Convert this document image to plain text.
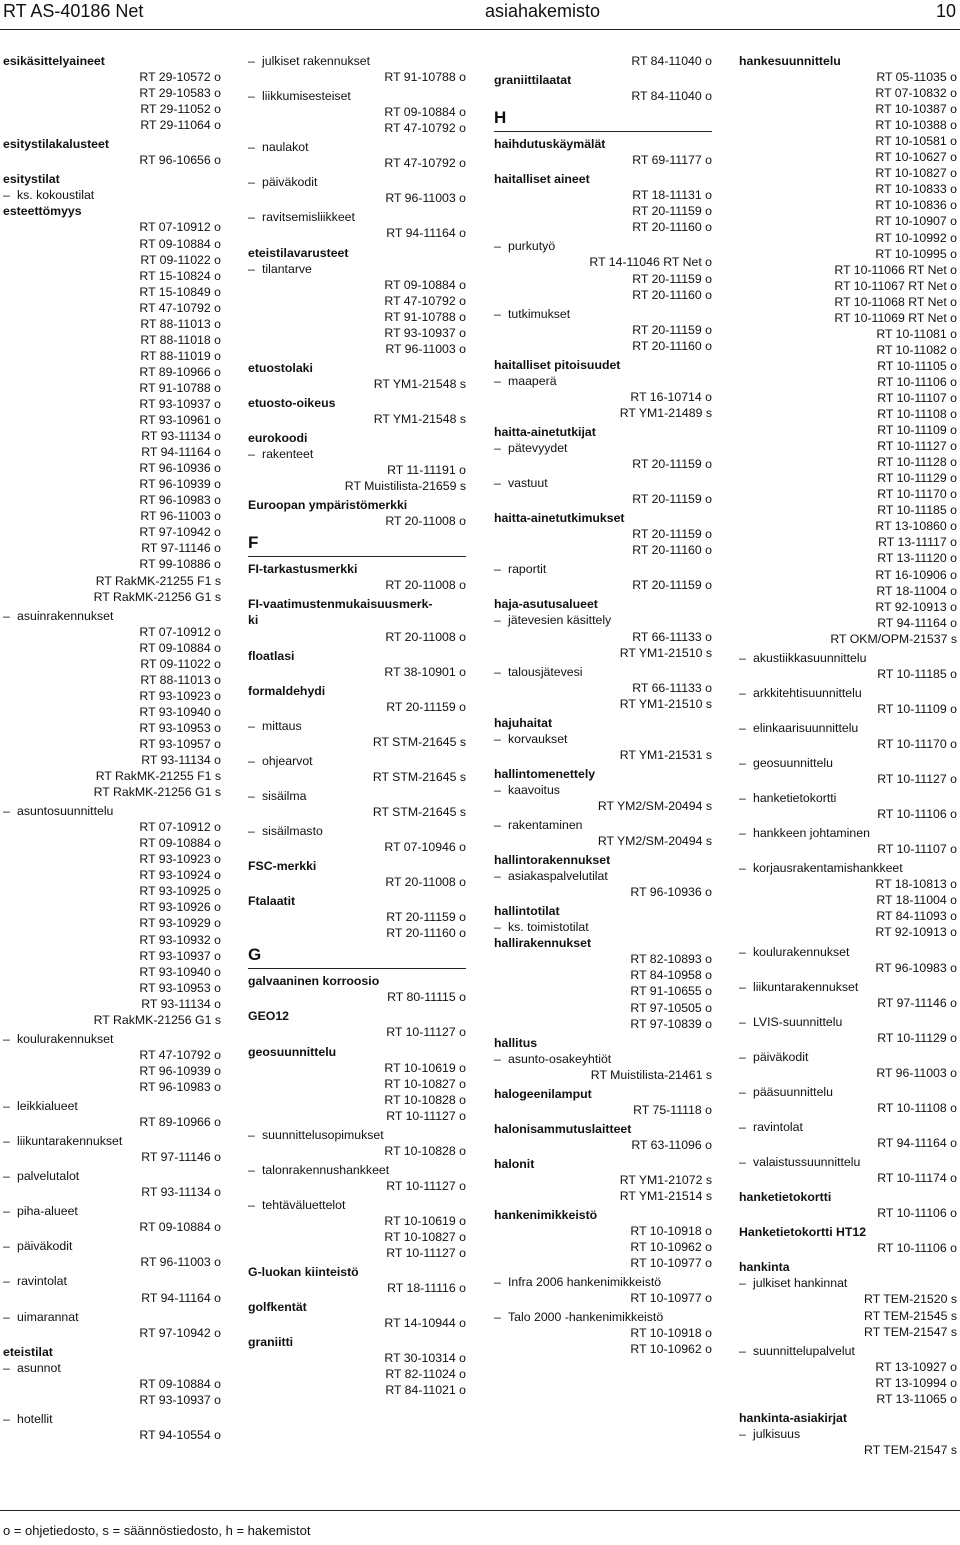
RT AS-40186 Net	asiahakemisto	10
esikäsittelyaineet
RT 29-10572 o
RT 29-10583 o
RT 29-11052 o
RT 29-11064 o
esitystilakalusteet
RT 96-10656 o
esitystilat
– ks. kokoustilat
esteettömyys
RT 07-10912 o
RT 09-10884 o
RT 09-11022 o
RT 15-10824 o
RT 15-10849 o
RT 47-10792 o
RT 88-11013 o
RT 88-11018 o
RT 88-11019 o
RT 89-10966 o
RT 91-10788 o
RT 93-10937 o
RT 93-10961 o
RT 93-11134 o
RT 94-11164 o
RT 96-10936 o
RT 96-10939 o
RT 96-10983 o
RT 96-11003 o
RT 97-10942 o
RT 97-11146 o
RT 99-10886 o
RT RakMK-21255 F1 s
RT RakMK-21256 G1 s
– asuinrakennukset
RT 07-10912 o
RT 09-10884 o
RT 09-11022 o
RT 88-11013 o
RT 93-10923 o
RT 93-10940 o
RT 93-10953 o
RT 93-10957 o
RT 93-11134 o
RT RakMK-21255 F1 s
RT RakMK-21256 G1 s
– asuntosuunnittelu
RT 07-10912 o
RT 09-10884 o
RT 93-10923 o
RT 93-10924 o
RT 93-10925 o
RT 93-10926 o
RT 93-10929 o
RT 93-10932 o
RT 93-10937 o
RT 93-10940 o
RT 93-10953 o
RT 93-11134 o
RT RakMK-21256 G1 s
– koulurakennukset
RT 47-10792 o
RT 96-10939 o
RT 96-10983 o
– leikkialueet
RT 89-10966 o
– liikuntarakennukset
RT 97-11146 o
– palvelutalot
RT 93-11134 o
– piha-alueet
RT 09-10884 o
– päiväkodit
RT 96-11003 o
– ravintolat
RT 94-11164 o
– uimarannat
RT 97-10942 o
eteistilat
– asunnot
RT 09-10884 o
RT 93-10937 o
– hotellit
RT 94-10554 o
– julkiset rakennukset
RT 91-10788 o
– liikkumisesteiset
RT 09-10884 o
RT 47-10792 o
– naulakot
RT 47-10792 o
– päiväkodit
RT 96-11003 o
– ravitsemisliikkeet
RT 94-11164 o
eteistilavarusteet
– tilantarve
RT 09-10884 o
RT 47-10792 o
RT 91-10788 o
RT 93-10937 o
RT 96-11003 o
etuostolaki
RT YM1-21548 s
etuosto-oikeus
RT YM1-21548 s
eurokoodi
– rakenteet
RT 11-11191 o
RT Muistilista-21659 s
Euroopan ympäristömerkki
RT 20-11008 o
F
FI-tarkastusmerkki
RT 20-11008 o
FI-vaatimustenmukaisuusmerk-
ki
RT 20-11008 o
floatlasi
RT 38-10901 o
formaldehydi
RT 20-11159 o
– mittaus
RT STM-21645 s
– ohjearvot
RT STM-21645 s
– sisäilma
RT STM-21645 s
– sisäilmasto
RT 07-10946 o
FSC-merkki
RT 20-11008 o
Ftalaatit
RT 20-11159 o
RT 20-11160 o
G
galvaaninen korroosio
RT 80-11115 o
GEO12
RT 10-11127 o
geosuunnittelu
RT 10-10619 o
RT 10-10827 o
RT 10-10828 o
RT 10-11127 o
– suunnittelusopimukset
RT 10-10828 o
– talonrakennushankkeet
RT 10-11127 o
– tehtäväluettelot
RT 10-10619 o
RT 10-10827 o
RT 10-11127 o
G-luokan kiinteistö
RT 18-11116 o
golfkentät
RT 14-10944 o
graniitti
RT 30-10314 o
RT 82-11024 o
RT 84-11021 o
RT 84-11040 o
graniittilaatat
RT 84-11040 o
H
haihdutuskäymälät
RT 69-11177 o
haitalliset aineet
RT 18-11131 o
RT 20-11159 o
RT 20-11160 o
– purkutyö
RT 14-11046 RT Net o
RT 20-11159 o
RT 20-11160 o
– tutkimukset
RT 20-11159 o
RT 20-11160 o
haitalliset pitoisuudet
– maaperä
RT 16-10714 o
RT YM1-21489 s
haitta-ainetutkijat
– pätevyydet
RT 20-11159 o
– vastuut
RT 20-11159 o
haitta-ainetutkimukset
RT 20-11159 o
RT 20-11160 o
– raportit
RT 20-11159 o
haja-asutusalueet
– jätevesien käsittely
RT 66-11133 o
RT YM1-21510 s
– talousjätevesi
RT 66-11133 o
RT YM1-21510 s
hajuhaitat
– korvaukset
RT YM1-21531 s
hallintomenettely
– kaavoitus
RT YM2/SM-20494 s
– rakentaminen
RT YM2/SM-20494 s
hallintorakennukset
– asiakaspalvelutilat
RT 96-10936 o
hallintotilat
– ks. toimistotilat
hallirakennukset
RT 82-10893 o
RT 84-10958 o
RT 91-10655 o
RT 97-10505 o
RT 97-10839 o
hallitus
– asunto-osakeyhtiöt
RT Muistilista-21461 s
halogeenilamput
RT 75-11118 o
halonisammutuslaitteet
RT 63-11096 o
halonit
RT YM1-21072 s
RT YM1-21514 s
hankenimikkeistö
RT 10-10918 o
RT 10-10962 o
RT 10-10977 o
– Infra 2006 hankenimikkeistö
RT 10-10977 o
– Talo 2000 -hankenimikkeistö
RT 10-10918 o
RT 10-10962 o
hankesuunnittelu
RT 05-11035 o
RT 07-10832 o
RT 10-10387 o
RT 10-10388 o
RT 10-10581 o
RT 10-10627 o
RT 10-10827 o
RT 10-10833 o
RT 10-10836 o
RT 10-10907 o
RT 10-10992 o
RT 10-10995 o
RT 10-11066 RT Net o
RT 10-11067 RT Net o
RT 10-11068 RT Net o
RT 10-11069 RT Net o
RT 10-11081 o
RT 10-11082 o
RT 10-11105 o
RT 10-11106 o
RT 10-11107 o
RT 10-11108 o
RT 10-11109 o
RT 10-11127 o
RT 10-11128 o
RT 10-11129 o
RT 10-11170 o
RT 10-11185 o
RT 13-10860 o
RT 13-11117 o
RT 13-11120 o
RT 16-10906 o
RT 18-11004 o
RT 92-10913 o
RT 94-11164 o
RT OKM/OPM-21537 s
– akustiikkasuunnittelu
RT 10-11185 o
– arkkitehtisuunnittelu
RT 10-11109 o
– elinkaarisuunnittelu
RT 10-11170 o
– geosuunnittelu
RT 10-11127 o
– hanketietokortti
RT 10-11106 o
– hankkeen johtaminen
RT 10-11107 o
– korjausrakentamishankkeet
RT 18-10813 o
RT 18-11004 o
RT 84-11093 o
RT 92-10913 o
– koulurakennukset
RT 96-10983 o
– liikuntarakennukset
RT 97-11146 o
– LVIS-suunnittelu
RT 10-11129 o
– päiväkodit
RT 96-11003 o
– pääsuunnittelu
RT 10-11108 o
– ravintolat
RT 94-11164 o
– valaistussuunnittelu
RT 10-11174 o
hanketietokortti
RT 10-11106 o
Hanketietokortti HT12
RT 10-11106 o
hankinta
– julkiset hankinnat
RT TEM-21520 s
RT TEM-21545 s
RT TEM-21547 s
– suunnittelupalvelut
RT 13-10927 o
RT 13-10994 o
RT 13-11065 o
hankinta-asiakirjat
– julkisuus
RT TEM-21547 s
o = ohjetiedosto, s = säännöstiedosto, h = hakemistot
